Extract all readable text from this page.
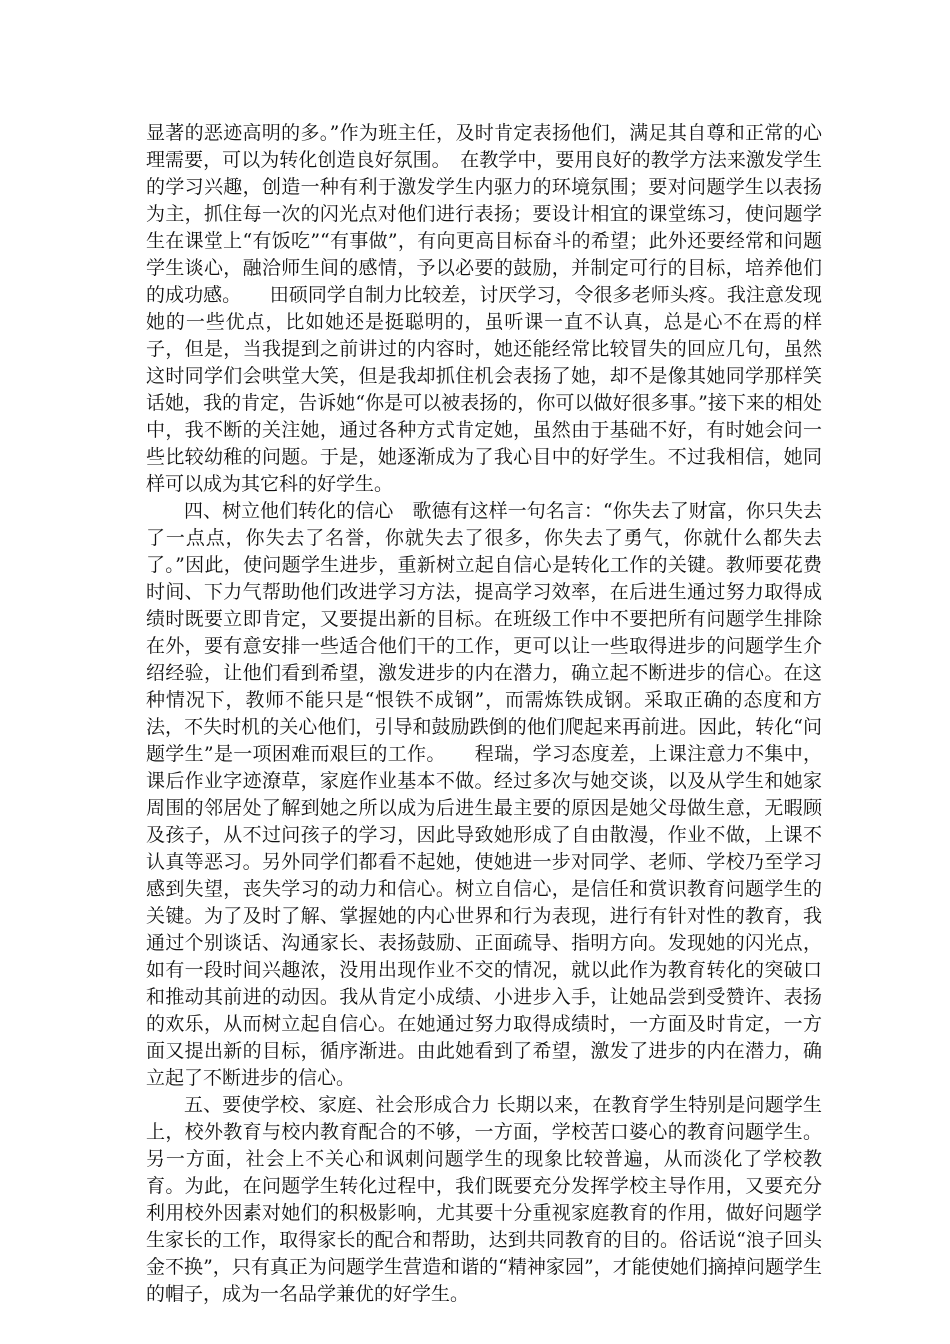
显著的恶迹高明的多。”作为班主任，及时肯定表扬他们，满足其自尊和正常的心理需要，可以为转化创造良好氛围。　在教学中，要用良好的教学方法来激发学生的学习兴趣，创造一种有利于激发学生内驱力的环境氛围；要对问题学生以表扬为主，抓住每一次的闪光点对他们进行表扬；要设计相宜的课堂练习，使问题学生在课堂上“有饭吃”“有事做”，有向更高目标奋斗的希望；此外还要经常和问题学生谈心，融洽师生间的感情，予以必要的鼓励，并制定可行的目标，培养他们的成功感。　　田硕同学自制力比较差，讨厌学习，令很多老师头疼。我注意发现她的一些优点，比如她还是挺聪明的，虽听课一直不认真，总是心不在焉的样子，但是，当我提到之前讲过的内容时，她还能经常比较冒失的回应几句，虽然这时同学们会哄堂大笑，但是我却抓住机会表扬了她，却不是像其她同学那样笑话她，我的肯定，告诉她“你是可以被表扬的，你可以做好很多事。”接下来的相处中，我不断的关注她，通过各种方式肯定她，虽然由于基础不好，有时她会问一些比较幼稚的问题。于是，她逐渐成为了我心目中的好学生。不过我相信，她同样可以成为其它科的好学生。

四、树立他们转化的信心　歌德有这样一句名言：“你失去了财富，你只失去了一点点，你失去了名誉，你就失去了很多，你失去了勇气，你就什么都失去了。”因此，使问题学生进步，重新树立起自信心是转化工作的关键。教师要花费时间、下力气帮助他们改进学习方法，提高学习效率，在后进生通过努力取得成绩时既要立即肯定，又要提出新的目标。在班级工作中不要把所有问题学生排除在外，要有意安排一些适合他们干的工作，更可以让一些取得进步的问题学生介绍经验，让他们看到希望，激发进步的内在潜力，确立起不断进步的信心。在这种情况下，教师不能只是“恨铁不成钢”，而需炼铁成钢。采取正确的态度和方法，不失时机的关心他们，引导和鼓励跌倒的他们爬起来再前进。因此，转化“问题学生”是一项困难而艰巨的工作。　　程瑞，学习态度差，上课注意力不集中，课后作业字迹潦草，家庭作业基本不做。经过多次与她交谈，以及从学生和她家周围的邻居处了解到她之所以成为后进生最主要的原因是她父母做生意，无暇顾及孩子，从不过问孩子的学习，因此导致她形成了自由散漫，作业不做，上课不认真等恶习。另外同学们都看不起她，使她进一步对同学、老师、学校乃至学习感到失望，丧失学习的动力和信心。树立自信心，是信任和赏识教育问题学生的关键。为了及时了解、掌握她的内心世界和行为表现，进行有针对性的教育，我通过个别谈话、沟通家长、表扬鼓励、正面疏导、指明方向。发现她的闪光点，如有一段时间兴趣浓，没用出现作业不交的情况，就以此作为教育转化的突破口和推动其前进的动因。我从肯定小成绩、小进步入手，让她品尝到受赞许、表扬的欢乐，从而树立起自信心。在她通过努力取得成绩时，一方面及时肯定，一方面又提出新的目标，循序渐进。由此她看到了希望，激发了进步的内在潜力，确立起了不断进步的信心。

五、要使学校、家庭、社会形成合力 长期以来，在教育学生特别是问题学生上，校外教育与校内教育配合的不够，一方面，学校苦口婆心的教育问题学生。另一方面，社会上不关心和讽刺问题学生的现象比较普遍，从而淡化了学校教育。为此，在问题学生转化过程中，我们既要充分发挥学校主导作用，又要充分利用校外因素对她们的积极影响，尤其要十分重视家庭教育的作用，做好问题学生家长的工作，取得家长的配合和帮助，达到共同教育的目的。俗话说“浪子回头金不换”，只有真正为问题学生营造和谐的“精神家园”，才能使她们摘掉问题学生的帽子，成为一名品学兼优的好学生。
